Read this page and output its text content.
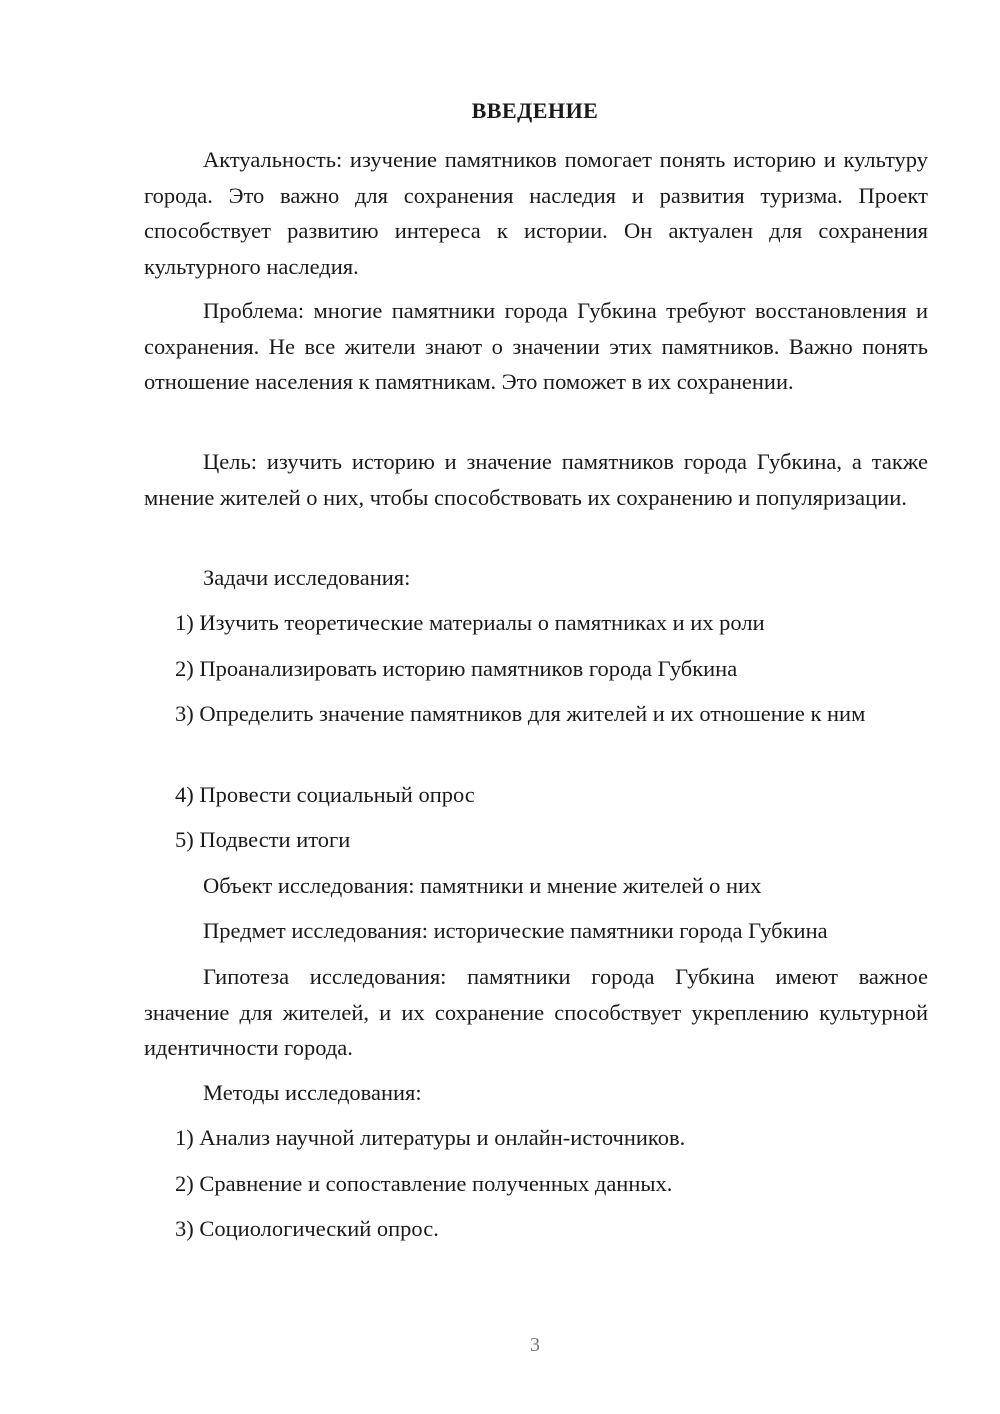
ВВЕДЕНИЕ
Актуальность: изучение памятников помогает понять историю и культуру города. Это важно для сохранения наследия и развития туризма. Проект способствует развитию интереса к истории. Он актуален для сохранения культурного наследия.
Проблема: многие памятники города Губкина требуют восстановления и сохранения. Не все жители знают о значении этих памятников. Важно понять отношение населения к памятникам. Это поможет в их сохранении.
Цель: изучить историю и значение памятников города Губкина, а также мнение жителей о них, чтобы способствовать их сохранению и популяризации.
Задачи исследования:
1) Изучить теоретические материалы о памятниках и их роли
2) Проанализировать историю памятников города Губкина
3) Определить значение памятников для жителей и их отношение к ним
4) Провести социальный опрос
5) Подвести итоги
Объект исследования: памятники и мнение жителей о них
Предмет исследования: исторические памятники города Губкина
Гипотеза исследования: памятники города Губкина имеют важное значение для жителей, и их сохранение способствует укреплению культурной идентичности города.
Методы исследования:
1) Анализ научной литературы и онлайн-источников.
2) Сравнение и сопоставление полученных данных.
3) Социологический опрос.
3
